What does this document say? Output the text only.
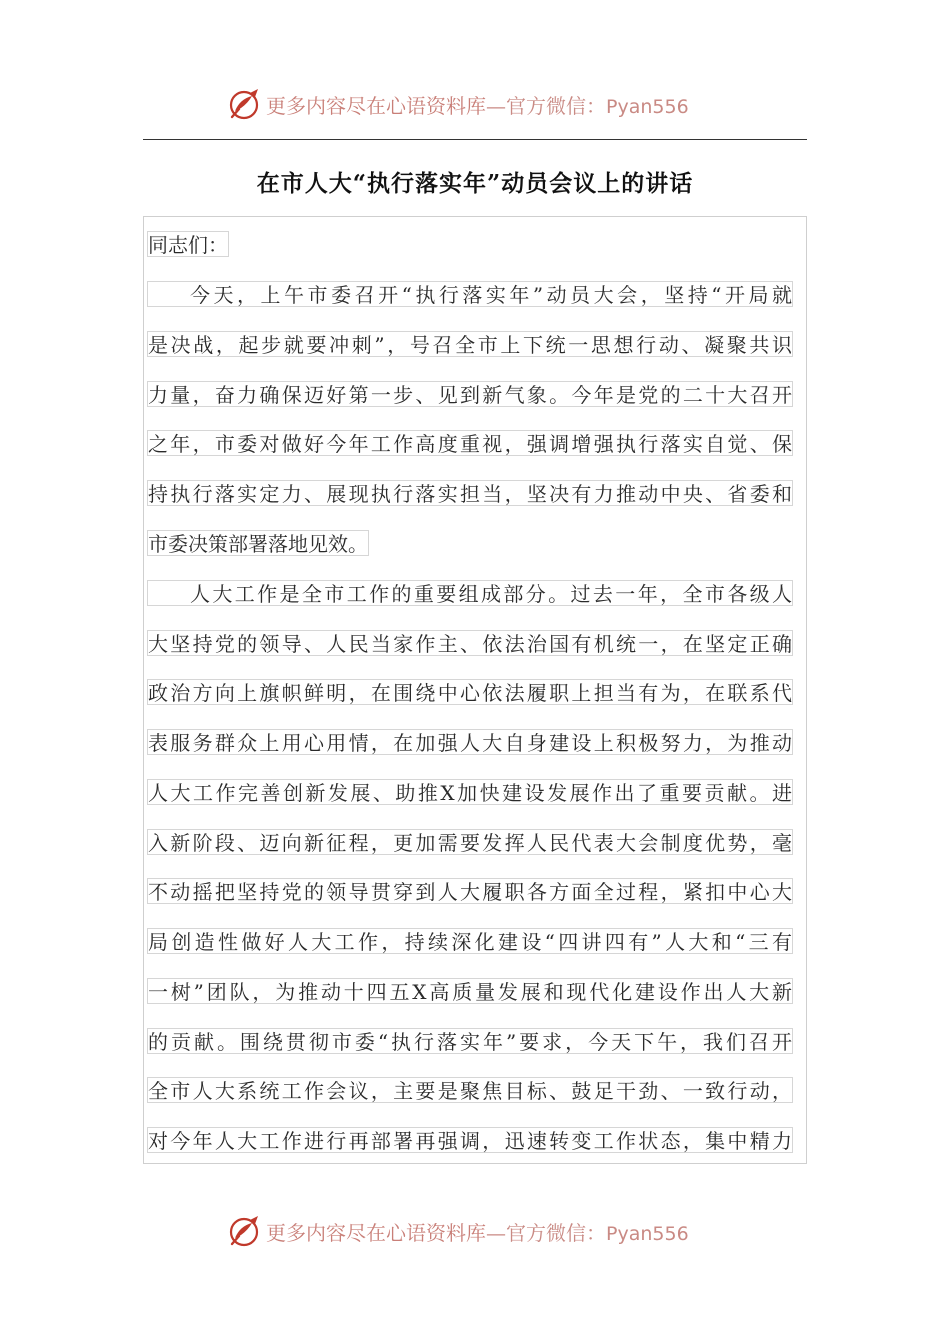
更多内容尽在心语资料库—官方微信：Pyan556
在市人大“执行落实年”动员会议上的讲话
同志们：
今天，上午市委召开“执行落实年”动员大会，坚持“开局就
是决战，起步就要冲刺”，号召全市上下统一思想行动、凝聚共识
力量，奋力确保迈好第一步、见到新气象。今年是党的二十大召开
之年，市委对做好今年工作高度重视，强调增强执行落实自觉、保
持执行落实定力、展现执行落实担当，坚决有力推动中央、省委和
市委决策部署落地见效。
人大工作是全市工作的重要组成部分。过去一年，全市各级人
大坚持党的领导、人民当家作主、依法治国有机统一，在坚定正确
政治方向上旗帜鲜明，在围绕中心依法履职上担当有为，在联系代
表服务群众上用心用情，在加强人大自身建设上积极努力，为推动
人大工作完善创新发展、助推X加快建设发展作出了重要贡献。进
入新阶段、迈向新征程，更加需要发挥人民代表大会制度优势，毫
不动摇把坚持党的领导贯穿到人大履职各方面全过程，紧扣中心大
局创造性做好人大工作，持续深化建设“四讲四有”人大和“三有
一树”团队，为推动十四五X高质量发展和现代化建设作出人大新
的贡献。围绕贯彻市委“执行落实年”要求，今天下午，我们召开
全市人大系统工作会议，主要是聚焦目标、鼓足干劲、一致行动，
对今年人大工作进行再部署再强调，迅速转变工作状态，集中精力
更多内容尽在心语资料库—官方微信：Pyan556
